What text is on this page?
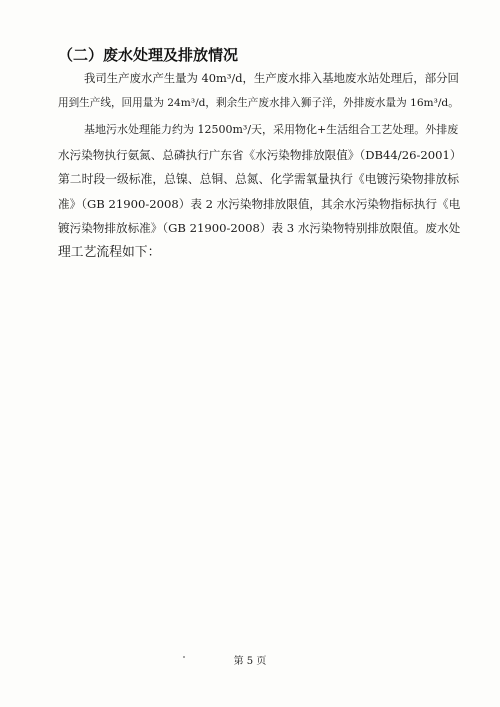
（二）废水处理及排放情况
我司生产废水产生量为 40m³/d，生产废水排入基地废水站处理后，部分回
用到生产线，回用量为 24m³/d，剩余生产废水排入狮子洋，外排废水量为 16m³/d。
基地污水处理能力约为 12500m³/天，采用物化+生活组合工艺处理。外排废
水污染物执行氨氮、总磷执行广东省《水污染物排放限值》（DB44/26-2001）
第二时段一级标准，总镍、总铜、总氮、化学需氧量执行《电镀污染物排放标
准》（GB 21900-2008）表 2 水污染物排放限值，其余水污染物指标执行《电
镀污染物排放标准》（GB 21900-2008）表 3 水污染物特别排放限值。废水处
理工艺流程如下：
第 5 页
